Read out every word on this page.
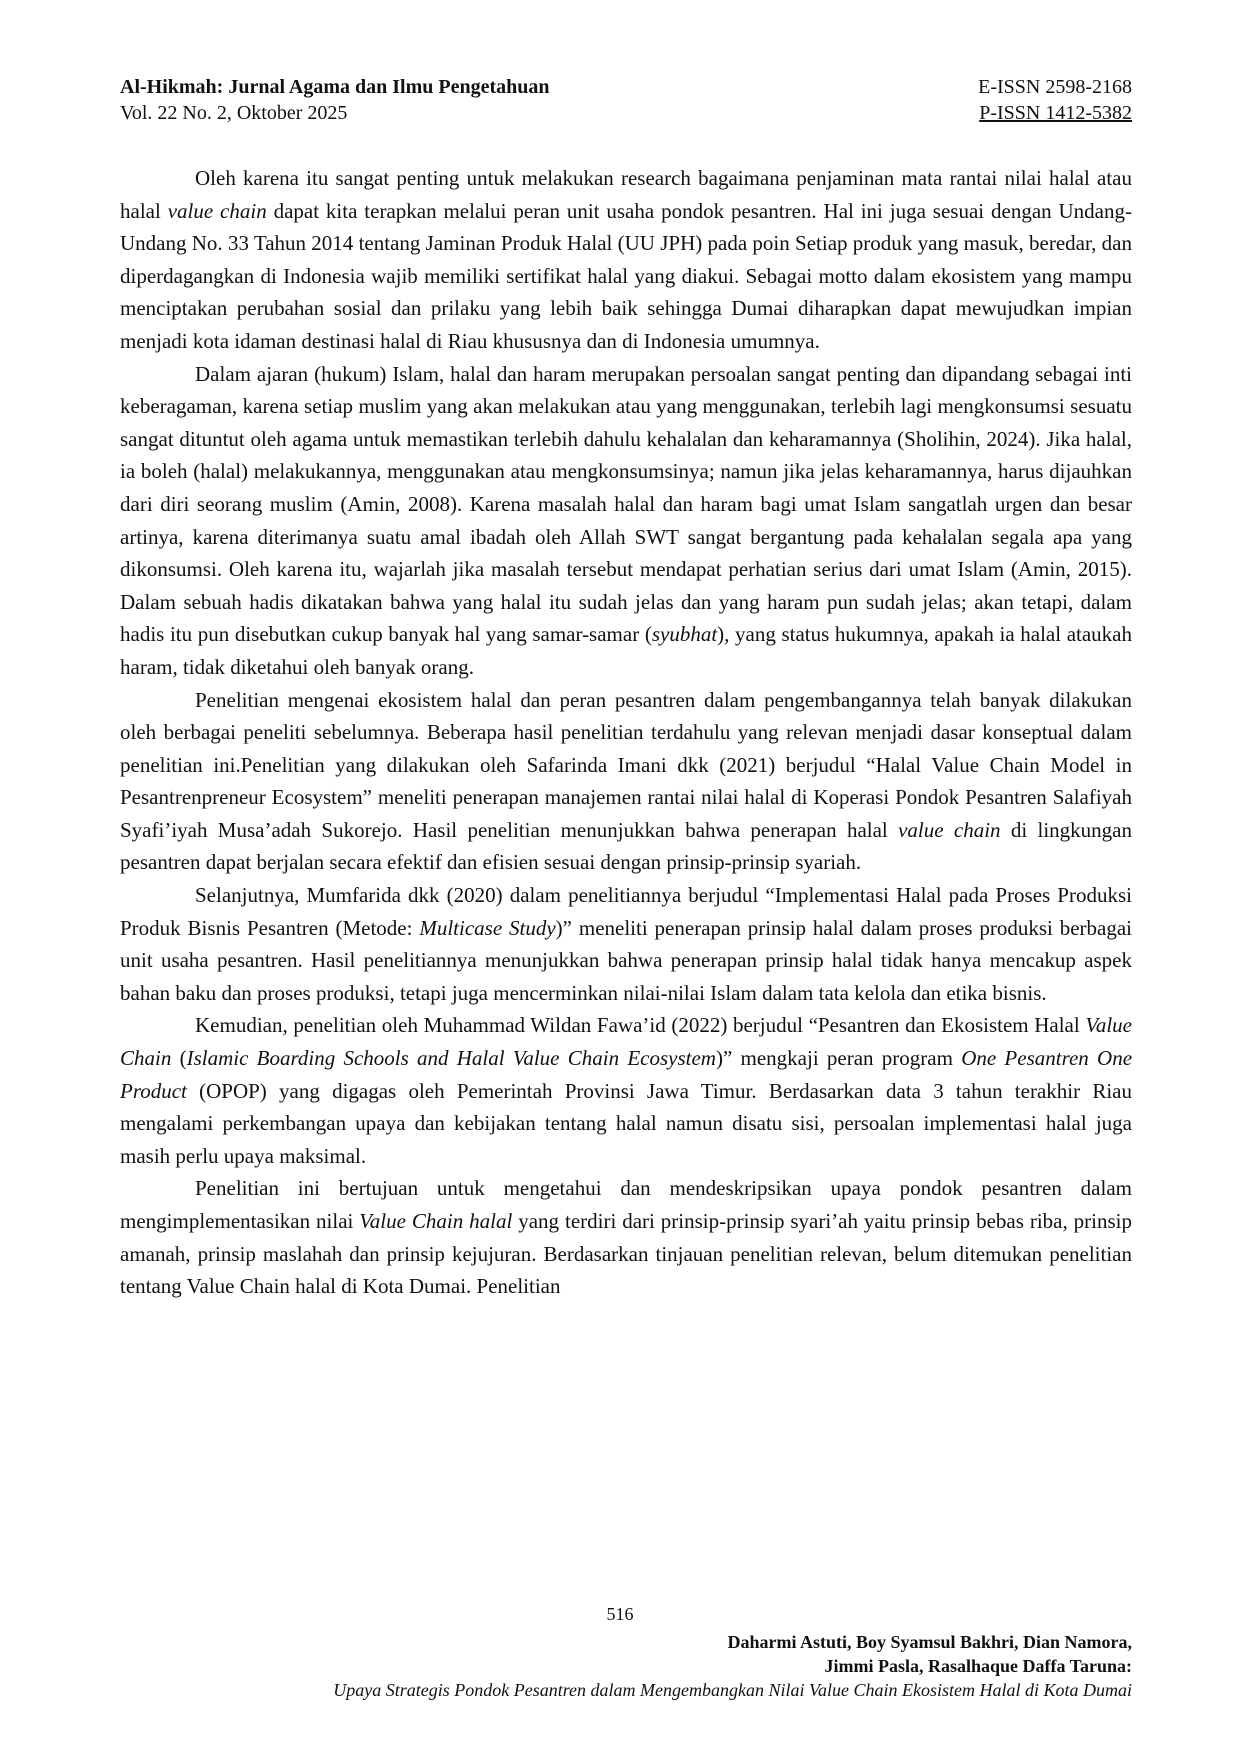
Al-Hikmah: Jurnal Agama dan Ilmu Pengetahuan	E-ISSN 2598-2168
Vol. 22 No. 2, Oktober 2025	P-ISSN 1412-5382

Oleh karena itu sangat penting untuk melakukan research bagaimana penjaminan mata rantai nilai halal atau halal value chain dapat kita terapkan melalui peran unit usaha pondok pesantren. Hal ini juga sesuai dengan Undang-Undang No. 33 Tahun 2014 tentang Jaminan Produk Halal (UU JPH) pada poin Setiap produk yang masuk, beredar, dan diperdagangkan di Indonesia wajib memiliki sertifikat halal yang diakui. Sebagai motto dalam ekosistem yang mampu menciptakan perubahan sosial dan prilaku yang lebih baik sehingga Dumai diharapkan dapat mewujudkan impian menjadi kota idaman destinasi halal di Riau khususnya dan di Indonesia umumnya.

Dalam ajaran (hukum) Islam, halal dan haram merupakan persoalan sangat penting dan dipandang sebagai inti keberagaman, karena setiap muslim yang akan melakukan atau yang menggunakan, terlebih lagi mengkonsumsi sesuatu sangat dituntut oleh agama untuk memastikan terlebih dahulu kehalalan dan keharamannya (Sholihin, 2024). Jika halal, ia boleh (halal) melakukannya, menggunakan atau mengkonsumsinya; namun jika jelas keharamannya, harus dijauhkan dari diri seorang muslim (Amin, 2008). Karena masalah halal dan haram bagi umat Islam sangatlah urgen dan besar artinya, karena diterimanya suatu amal ibadah oleh Allah SWT sangat bergantung pada kehalalan segala apa yang dikonsumsi. Oleh karena itu, wajarlah jika masalah tersebut mendapat perhatian serius dari umat Islam (Amin, 2015). Dalam sebuah hadis dikatakan bahwa yang halal itu sudah jelas dan yang haram pun sudah jelas; akan tetapi, dalam hadis itu pun disebutkan cukup banyak hal yang samar-samar (syubhat), yang status hukumnya, apakah ia halal ataukah haram, tidak diketahui oleh banyak orang.

Penelitian mengenai ekosistem halal dan peran pesantren dalam pengembangannya telah banyak dilakukan oleh berbagai peneliti sebelumnya. Beberapa hasil penelitian terdahulu yang relevan menjadi dasar konseptual dalam penelitian ini.Penelitian yang dilakukan oleh Safarinda Imani dkk (2021) berjudul “Halal Value Chain Model in Pesantrenpreneur Ecosystem” meneliti penerapan manajemen rantai nilai halal di Koperasi Pondok Pesantren Salafiyah Syafi’iyah Musa’adah Sukorejo. Hasil penelitian menunjukkan bahwa penerapan halal value chain di lingkungan pesantren dapat berjalan secara efektif dan efisien sesuai dengan prinsip-prinsip syariah.

Selanjutnya, Mumfarida dkk (2020) dalam penelitiannya berjudul “Implementasi Halal pada Proses Produksi Produk Bisnis Pesantren (Metode: Multicase Study)” meneliti penerapan prinsip halal dalam proses produksi berbagai unit usaha pesantren. Hasil penelitiannya menunjukkan bahwa penerapan prinsip halal tidak hanya mencakup aspek bahan baku dan proses produksi, tetapi juga mencerminkan nilai-nilai Islam dalam tata kelola dan etika bisnis.

Kemudian, penelitian oleh Muhammad Wildan Fawa’id (2022) berjudul “Pesantren dan Ekosistem Halal Value Chain (Islamic Boarding Schools and Halal Value Chain Ecosystem)” mengkaji peran program One Pesantren One Product (OPOP) yang digagas oleh Pemerintah Provinsi Jawa Timur. Berdasarkan data 3 tahun terakhir Riau mengalami perkembangan upaya dan kebijakan tentang halal namun disatu sisi, persoalan implementasi halal juga masih perlu upaya maksimal.

Penelitian ini bertujuan untuk mengetahui dan mendeskripsikan upaya pondok pesantren dalam mengimplementasikan nilai Value Chain halal yang terdiri dari prinsip-prinsip syari’ah yaitu prinsip bebas riba, prinsip amanah, prinsip maslahah dan prinsip kejujuran. Berdasarkan tinjauan penelitian relevan, belum ditemukan penelitian tentang Value Chain halal di Kota Dumai. Penelitian

516
Daharmi Astuti, Boy Syamsul Bakhri, Dian Namora,
Jimmi Pasla, Rasalhaque Daffa Taruna:
Upaya Strategis Pondok Pesantren dalam Mengembangkan Nilai Value Chain Ekosistem Halal di Kota Dumai
